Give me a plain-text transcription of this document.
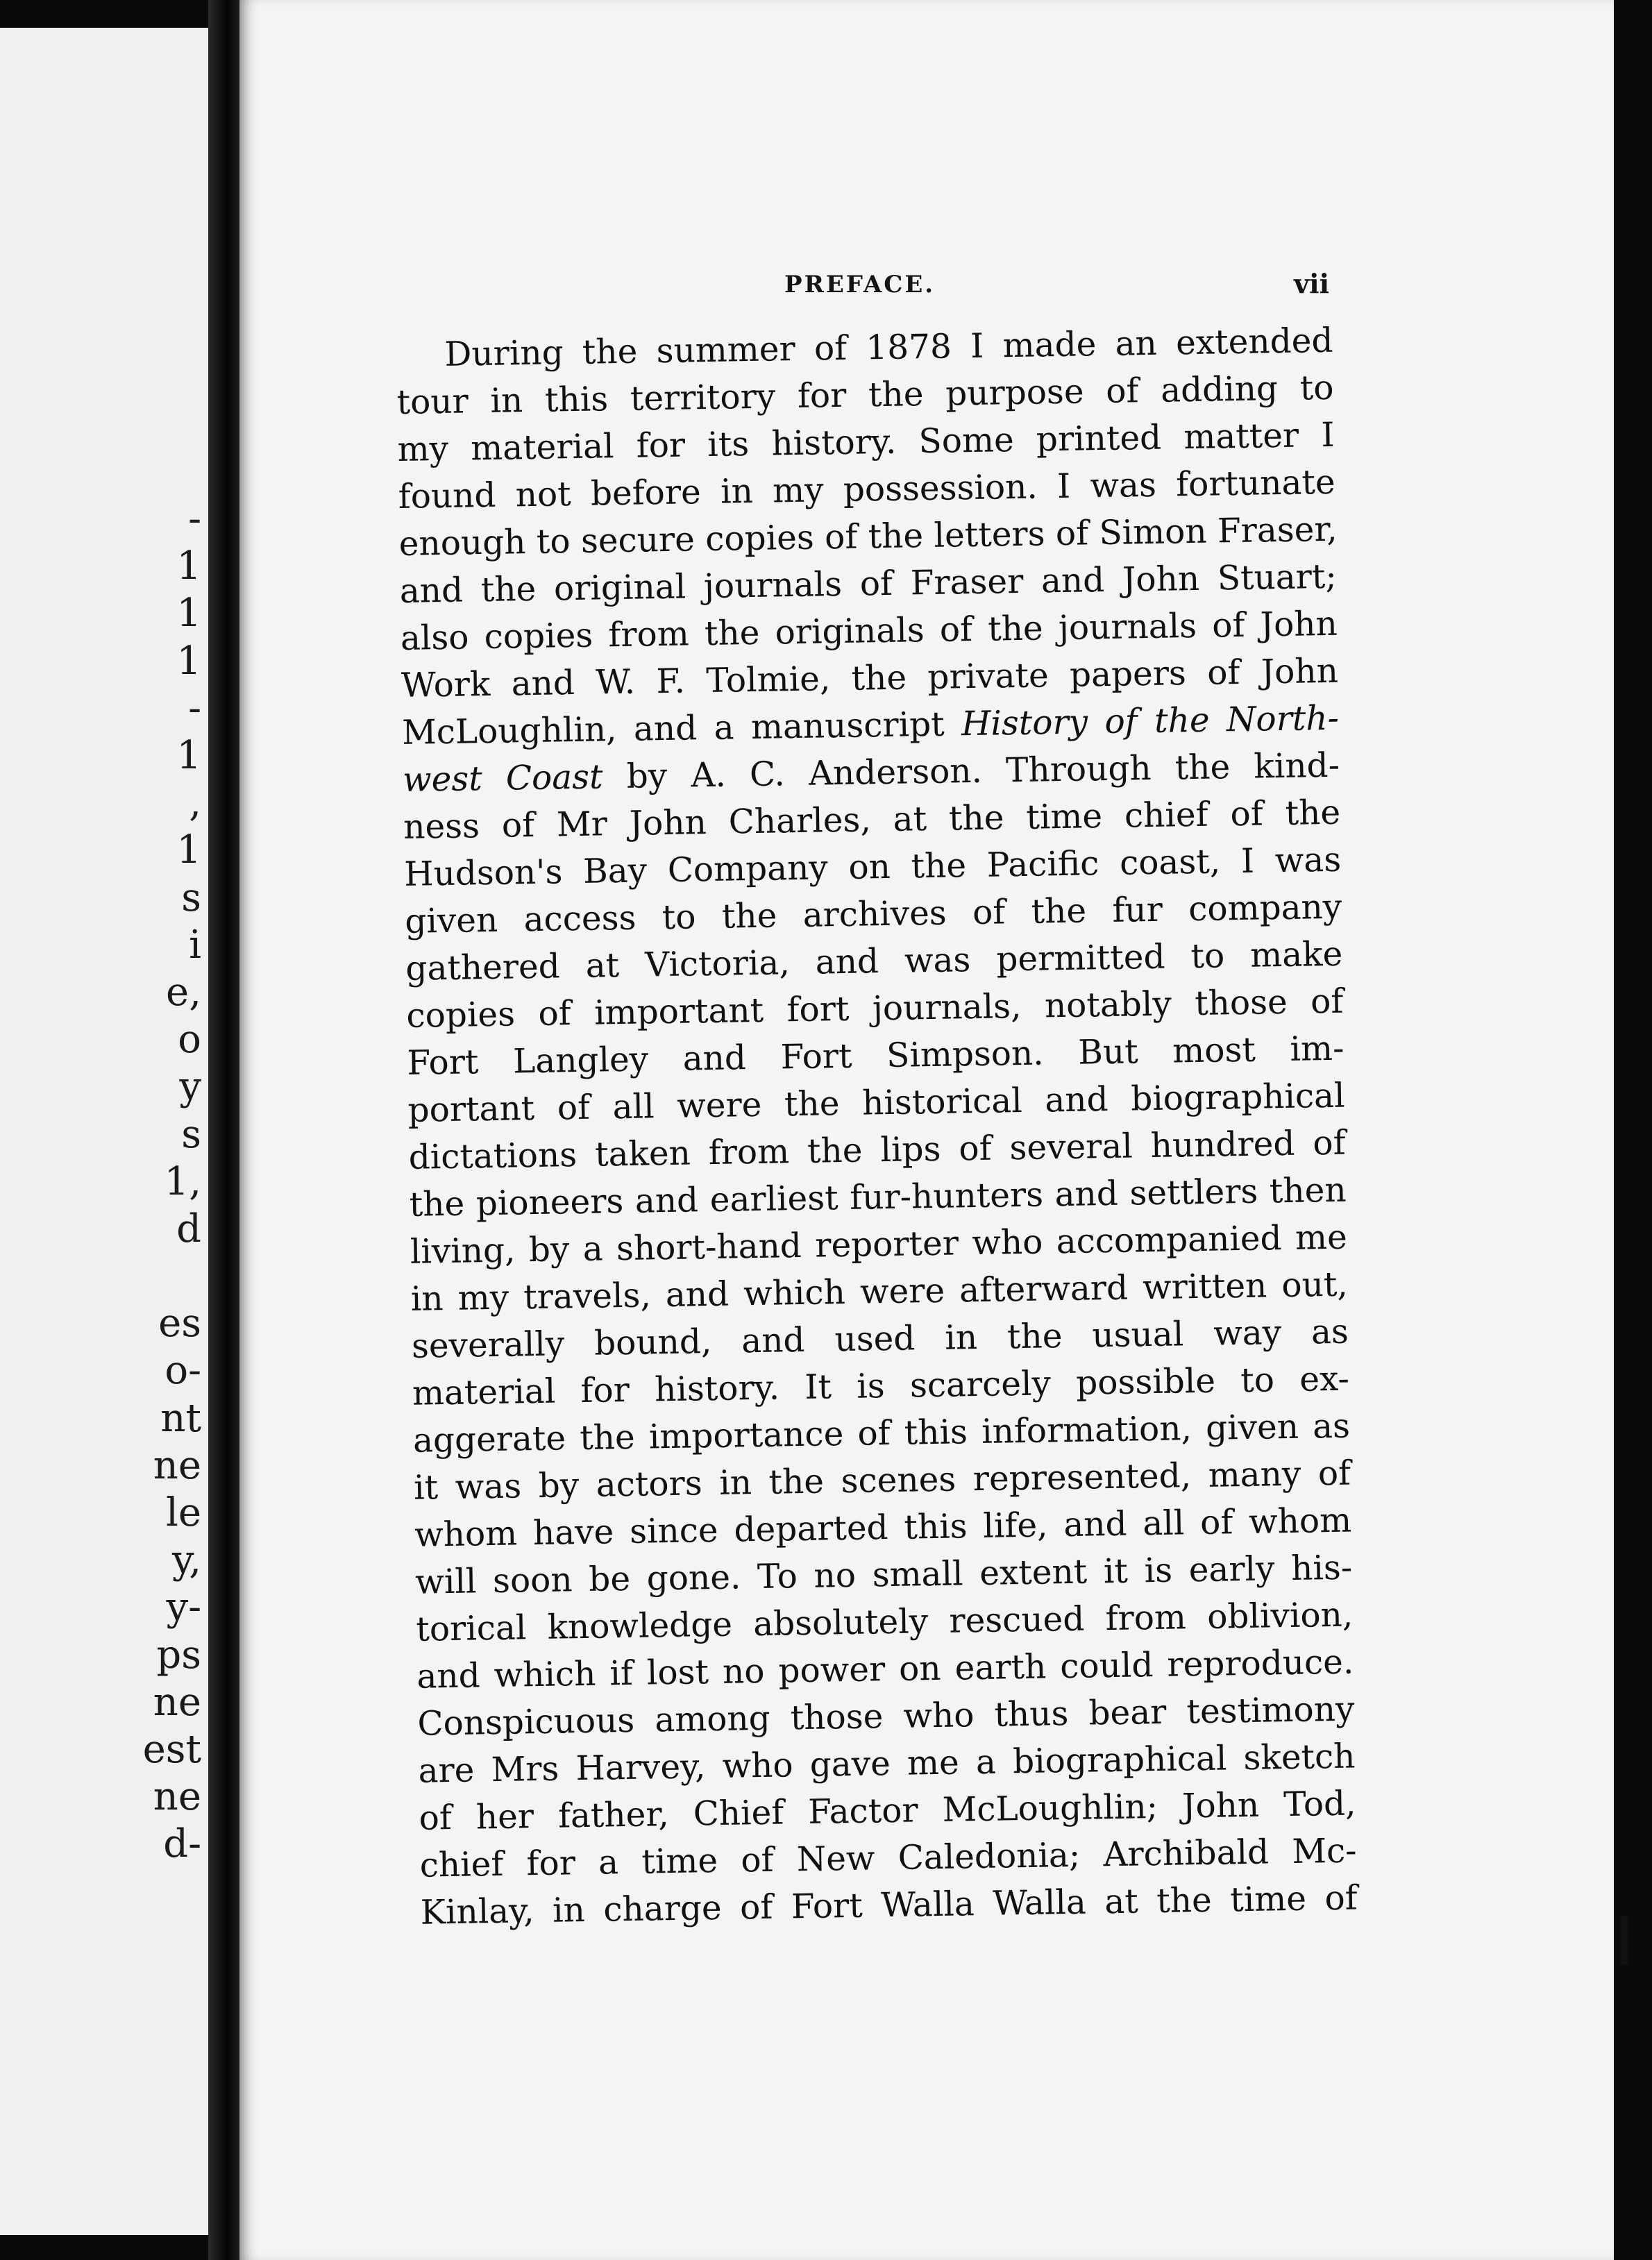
-
1
1
1
-
1
,
1
s
i
e,
o
y
s
1,
d
es
o-
nt
ne
le
y,
y-
ps
ne
est
ne
d-
PREFACE.	vii
During the summer of 1878 I made an extended
tour in this territory for the purpose of adding to
my material for its history. Some printed matter I
found not before in my possession. I was fortunate
enough to secure copies of the letters of Simon Fraser,
and the original journals of Fraser and John Stuart;
also copies from the originals of the journals of John
Work and W. F. Tolmie, the private papers of John
McLoughlin, and a manuscript History of the North-
west Coast by A. C. Anderson. Through the kind-
ness of Mr John Charles, at the time chief of the
Hudson's Bay Company on the Pacific coast, I was
given access to the archives of the fur company
gathered at Victoria, and was permitted to make
copies of important fort journals, notably those of
Fort Langley and Fort Simpson. But most im-
portant of all were the historical and biographical
dictations taken from the lips of several hundred of
the pioneers and earliest fur-hunters and settlers then
living, by a short-hand reporter who accompanied me
in my travels, and which were afterward written out,
severally bound, and used in the usual way as
material for history. It is scarcely possible to ex-
aggerate the importance of this information, given as
it was by actors in the scenes represented, many of
whom have since departed this life, and all of whom
will soon be gone. To no small extent it is early his-
torical knowledge absolutely rescued from oblivion,
and which if lost no power on earth could reproduce.
Conspicuous among those who thus bear testimony
are Mrs Harvey, who gave me a biographical sketch
of her father, Chief Factor McLoughlin; John Tod,
chief for a time of New Caledonia; Archibald Mc-
Kinlay, in charge of Fort Walla Walla at the time of
